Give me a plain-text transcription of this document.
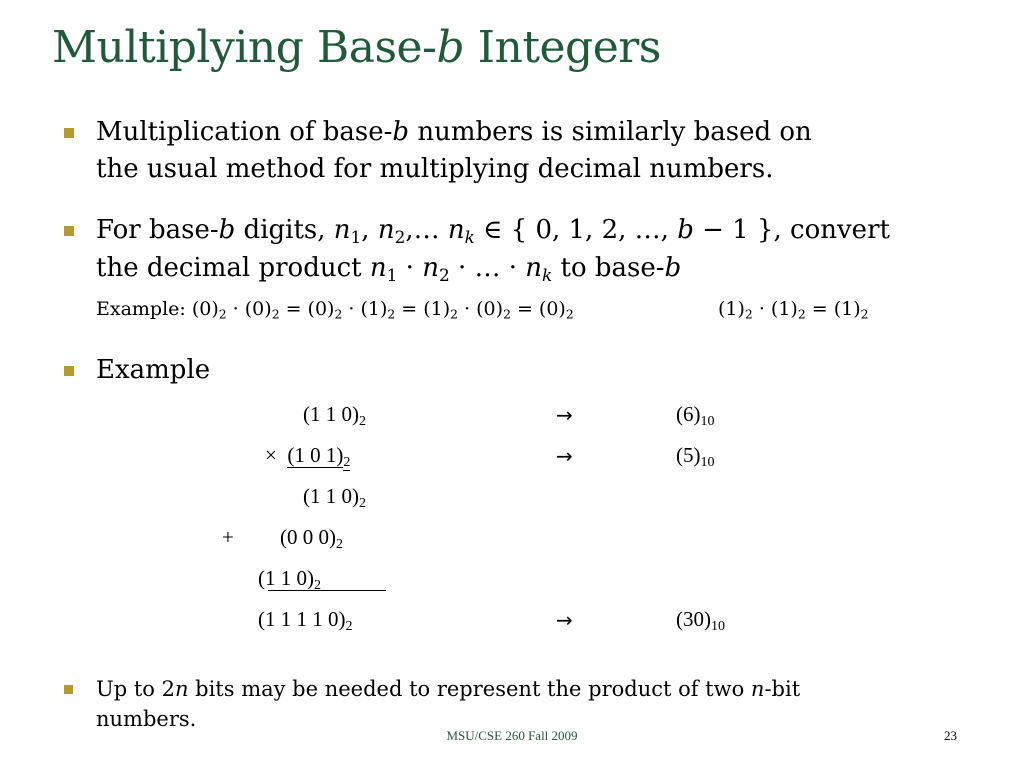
Multiplying Base-b Integers
Multiplication of base-b numbers is similarly based on
the usual method for multiplying decimal numbers.
For base-b digits, $n_1$, $n_2,\dots$ $n_k$ ∈ { 0, 1, 2, …, b − 1 }, convert
the decimal product $n_1 \cdot n_2$ · … · $n_k$ to base-b
Example: $(0)_2 \cdot (0)_2 = (0)_2 \cdot (1)_2 = (1)_2 \cdot (0)_2 = (0)_2$	$(1)_2 \cdot (1)_2 = (1)_2$
Example
(1 1 $0)_2$	→	$(6)_{10}$
× (1 0 $1)_2$	→	$(5)_{10}$
(1 1 $0)_2$
+ (0 0 $0)_2$
(1 1 $0)_2$
(1 1 1 1 $0)_2$	→	$(30)_{10}$
Up to 2n bits may be needed to represent the product of two n-bit
numbers.
MSU/CSE 260 Fall 2009	23
